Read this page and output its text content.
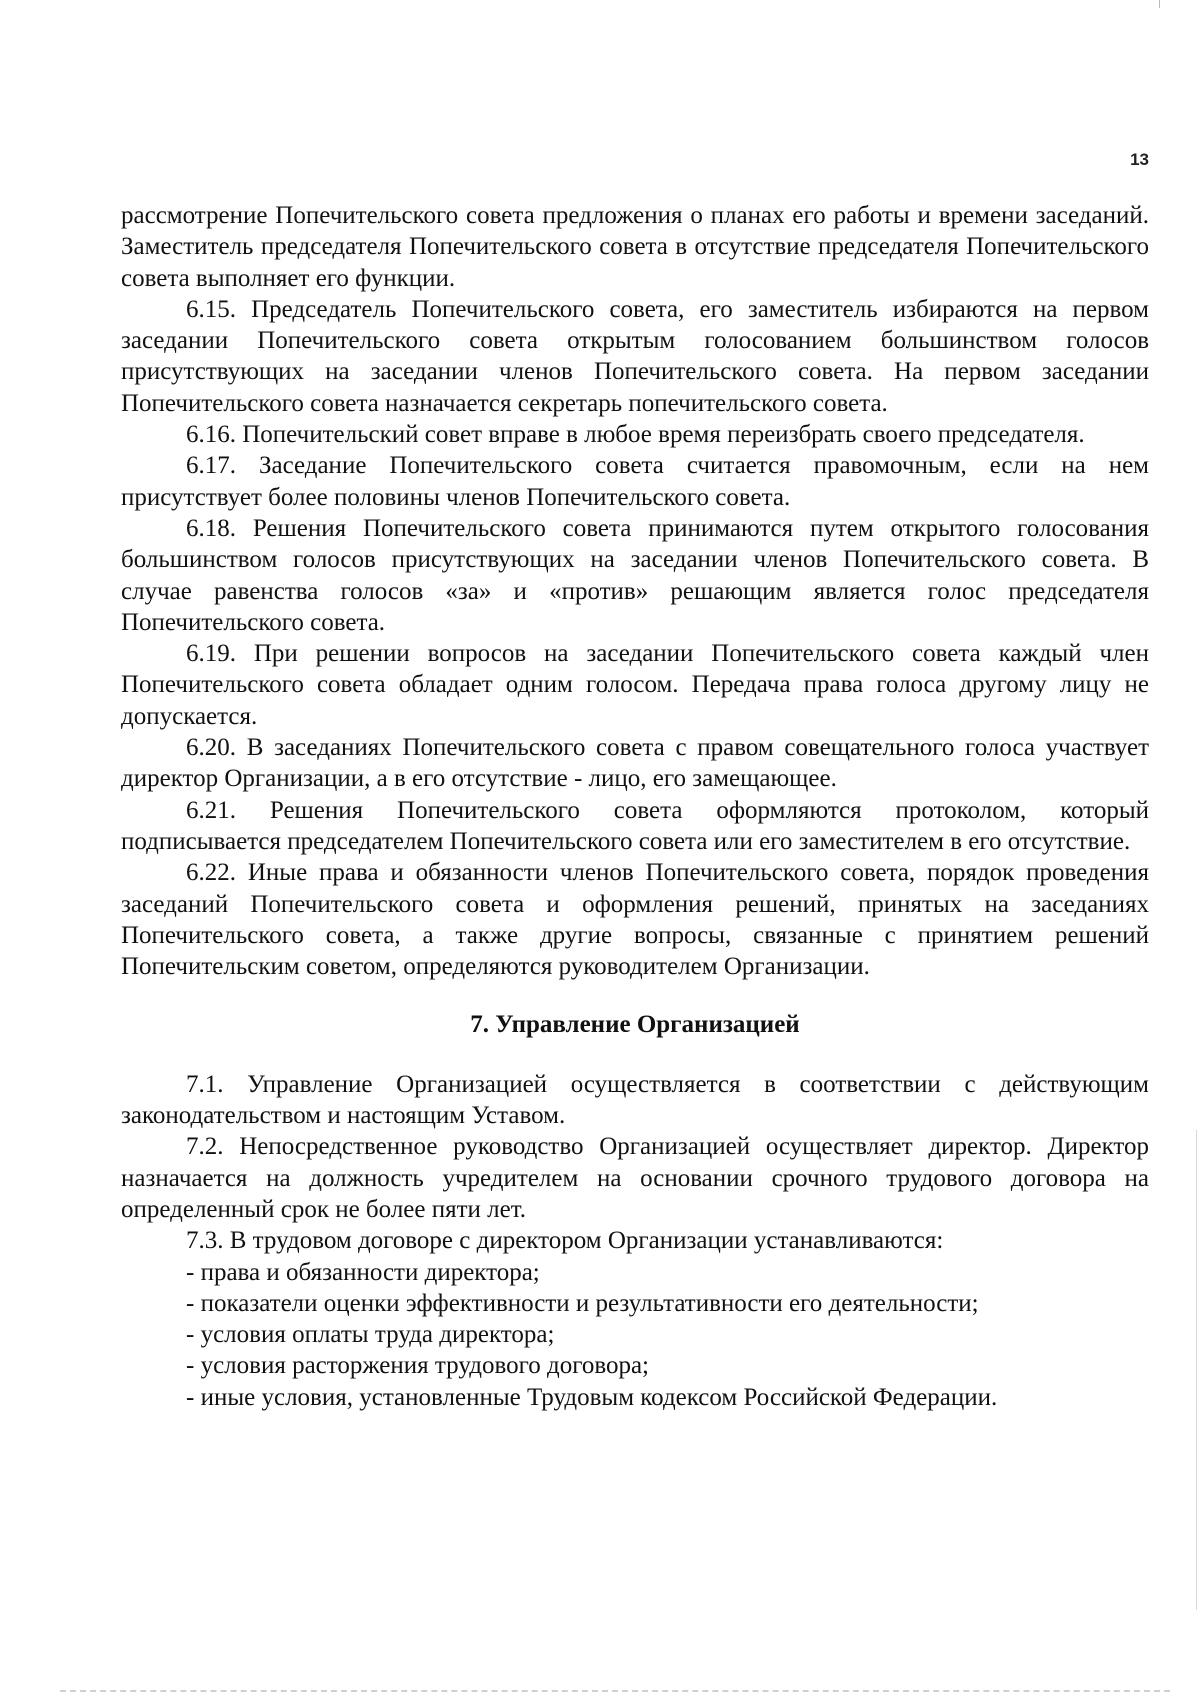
13

рассмотрение Попечительского совета предложения о планах его работы и времени заседаний. Заместитель председателя Попечительского совета в отсутствие председателя Попечительского совета выполняет его функции.

6.15. Председатель Попечительского совета, его заместитель избираются на первом заседании Попечительского совета открытым голосованием большинством голосов присутствующих на заседании членов Попечительского совета. На первом заседании Попечительского совета назначается секретарь попечительского совета.

6.16. Попечительский совет вправе в любое время переизбрать своего председателя.

6.17. Заседание Попечительского совета считается правомочным, если на нем присутствует более половины членов Попечительского совета.

6.18. Решения Попечительского совета принимаются путем открытого голосования большинством голосов присутствующих на заседании членов Попечительского совета. В случае равенства голосов «за» и «против» решающим является голос председателя Попечительского совета.

6.19. При решении вопросов на заседании Попечительского совета каждый член Попечительского совета обладает одним голосом. Передача права голоса другому лицу не допускается.

6.20. В заседаниях Попечительского совета с правом совещательного голоса участвует директор Организации, а в его отсутствие - лицо, его замещающее.

6.21. Решения Попечительского совета оформляются протоколом, который подписывается председателем Попечительского совета или его заместителем в его отсутствие.

6.22. Иные права и обязанности членов Попечительского совета, порядок проведения заседаний Попечительского совета и оформления решений, принятых на заседаниях Попечительского совета, а также другие вопросы, связанные с принятием решений Попечительским советом, определяются руководителем Организации.

7. Управление Организацией

7.1. Управление Организацией осуществляется в соответствии с действующим законодательством и настоящим Уставом.

7.2. Непосредственное руководство Организацией осуществляет директор. Директор назначается на должность учредителем на основании срочного трудового договора на определенный срок не более пяти лет.

7.3. В трудовом договоре с директором Организации устанавливаются:

- права и обязанности директора;
- показатели оценки эффективности и результативности его деятельности;
- условия оплаты труда директора;
- условия расторжения трудового договора;
- иные условия, установленные Трудовым кодексом Российской Федерации.
